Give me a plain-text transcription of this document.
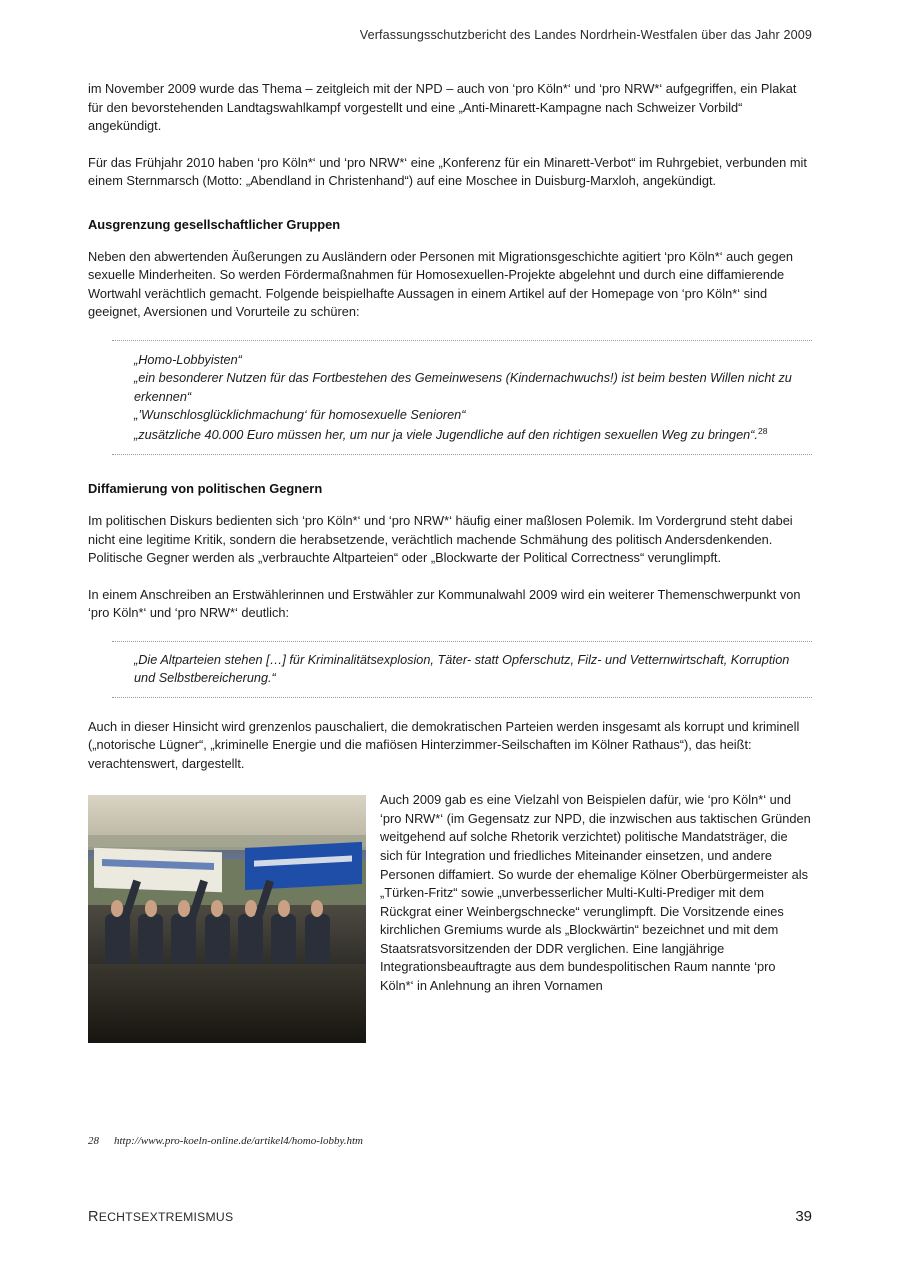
Verfassungsschutzbericht des Landes Nordrhein-Westfalen über das Jahr 2009

im November 2009 wurde das Thema – zeitgleich mit der NPD – auch von ‘pro Köln*‘ und ‘pro NRW*‘ aufgegriffen, ein Plakat für den bevorstehenden Landtagswahlkampf vorgestellt und eine „Anti-Minarett-Kampagne nach Schweizer Vorbild“ angekündigt.

Für das Frühjahr 2010 haben ‘pro Köln*‘ und ‘pro NRW*‘ eine „Konferenz für ein Minarett-Verbot“ im Ruhrgebiet, verbunden mit einem Sternmarsch (Motto: „Abendland in Christenhand“) auf eine Moschee in Duisburg-Marxloh, angekündigt.

Ausgrenzung gesellschaftlicher Gruppen

Neben den abwertenden Äußerungen zu Ausländern oder Personen mit Migrationsgeschichte agitiert ‘pro Köln*‘ auch gegen sexuelle Minderheiten. So werden Fördermaßnahmen für Homosexuellen-Projekte abgelehnt und durch eine diffamierende Wortwahl verächtlich gemacht. Folgende beispielhafte Aussagen in einem Artikel auf der Homepage von ‘pro Köln*‘ sind geeignet, Aversionen und Vorurteile zu schüren:

„Homo-Lobbyisten“

„ein besonderer Nutzen für das Fortbestehen des Gemeinwesens (Kindernachwuchs!) ist beim besten Willen nicht zu erkennen“

„’Wunschlosglücklichmachung‘ für homosexuelle Senioren“

„zusätzliche 40.000 Euro müssen her, um nur ja viele Jugendliche auf den richtigen sexuellen Weg zu bringen“.$^{28}$

Diffamierung von politischen Gegnern

Im politischen Diskurs bedienten sich ‘pro Köln*‘ und ‘pro NRW*‘ häufig einer maßlosen Polemik. Im Vordergrund steht dabei nicht eine legitime Kritik, sondern die herabsetzende, verächtlich machende Schmähung des politisch Andersdenkenden. Politische Gegner werden als „verbrauchte Altparteien“ oder „Blockwarte der Political Correctness“ verunglimpft.

In einem Anschreiben an Erstwählerinnen und Erstwähler zur Kommunalwahl 2009 wird ein weiterer Themenschwerpunkt von ‘pro Köln*‘ und ‘pro NRW*‘ deutlich:

„Die Altparteien stehen […] für Kriminalitätsexplosion, Täter- statt Opferschutz, Filz- und Vetternwirtschaft, Korruption und Selbstbereicherung.“

Auch in dieser Hinsicht wird grenzenlos pauschaliert, die demokratischen Parteien werden insgesamt als korrupt und kriminell („notorische Lügner“, „kriminelle Energie und die mafiösen Hinterzimmer-Seilschaften im Kölner Rathaus“), das heißt: verachtenswert, dargestellt.

Auch 2009 gab es eine Vielzahl von Beispielen dafür, wie ‘pro Köln*‘ und ‘pro NRW*‘ (im Gegensatz zur NPD, die inzwischen aus taktischen Gründen weitgehend auf solche Rhetorik verzichtet) politische Mandatsträger, die sich für Integration und friedliches Miteinander einsetzen, und andere Personen diffamiert. So wurde der ehemalige Kölner Oberbürgermeister als „Türken-Fritz“ sowie „unverbesserlicher Multi-Kulti-Prediger mit dem Rückgrat einer Weinbergschnecke“ verunglimpft. Die Vorsitzende eines kirchlichen Gremiums wurde als „Blockwärtin“ bezeichnet und mit dem Staatsratsvorsitzenden der DDR verglichen. Eine langjährige Integrationsbeauftragte aus dem bundespolitischen Raum nannte ‘pro Köln*‘ in Anlehnung an ihren Vornamen

28 http://www.pro-koeln-online.de/artikel4/homo-lobby.htm
RECHTSEXTREMISMUS	39
